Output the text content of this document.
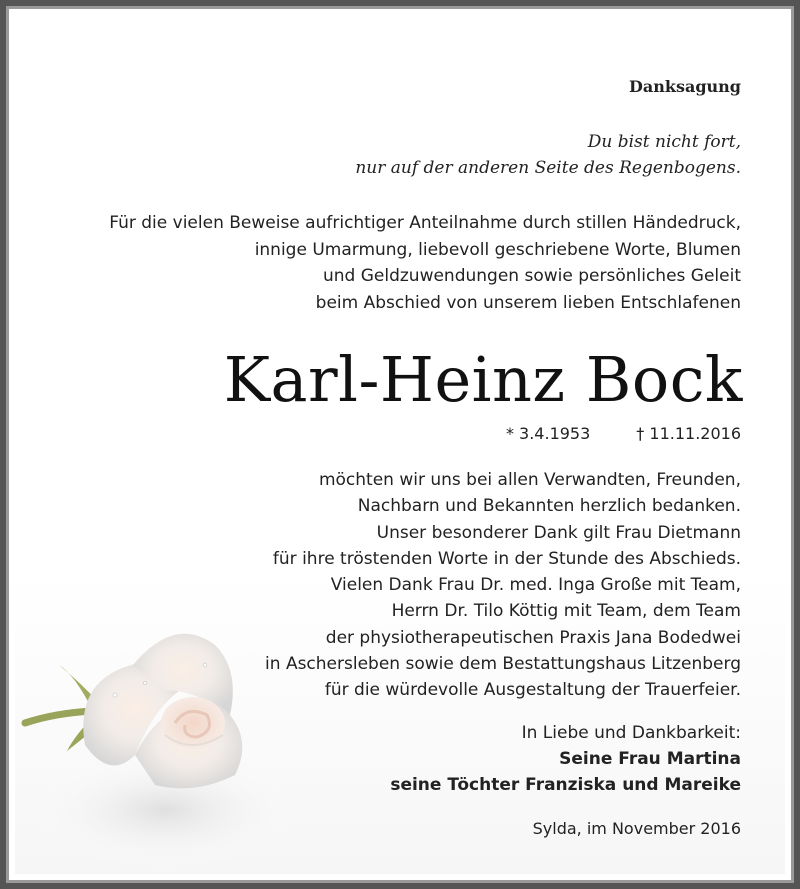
Danksagung
Du bist nicht fort,
nur auf der anderen Seite des Regenbogens.
Für die vielen Beweise aufrichtiger Anteilnahme durch stillen Händedruck,
innige Umarmung, liebevoll geschriebene Worte, Blumen
und Geldzuwendungen sowie persönliches Geleit
beim Abschied von unserem lieben Entschlafenen
Karl-Heinz Bock
* 3.4.1953	† 11.11.2016
möchten wir uns bei allen Verwandten, Freunden,
Nachbarn und Bekannten herzlich bedanken.
Unser besonderer Dank gilt Frau Dietmann
für ihre tröstenden Worte in der Stunde des Abschieds.
Vielen Dank Frau Dr. med. Inga Große mit Team,
Herrn Dr. Tilo Köttig mit Team, dem Team
der physiotherapeutischen Praxis Jana Bodedwei
in Aschersleben sowie dem Bestattungshaus Litzenberg
für die würdevolle Ausgestaltung der Trauerfeier.
In Liebe und Dankbarkeit:
Seine Frau Martina
seine Töchter Franziska und Mareike
Sylda, im November 2016
